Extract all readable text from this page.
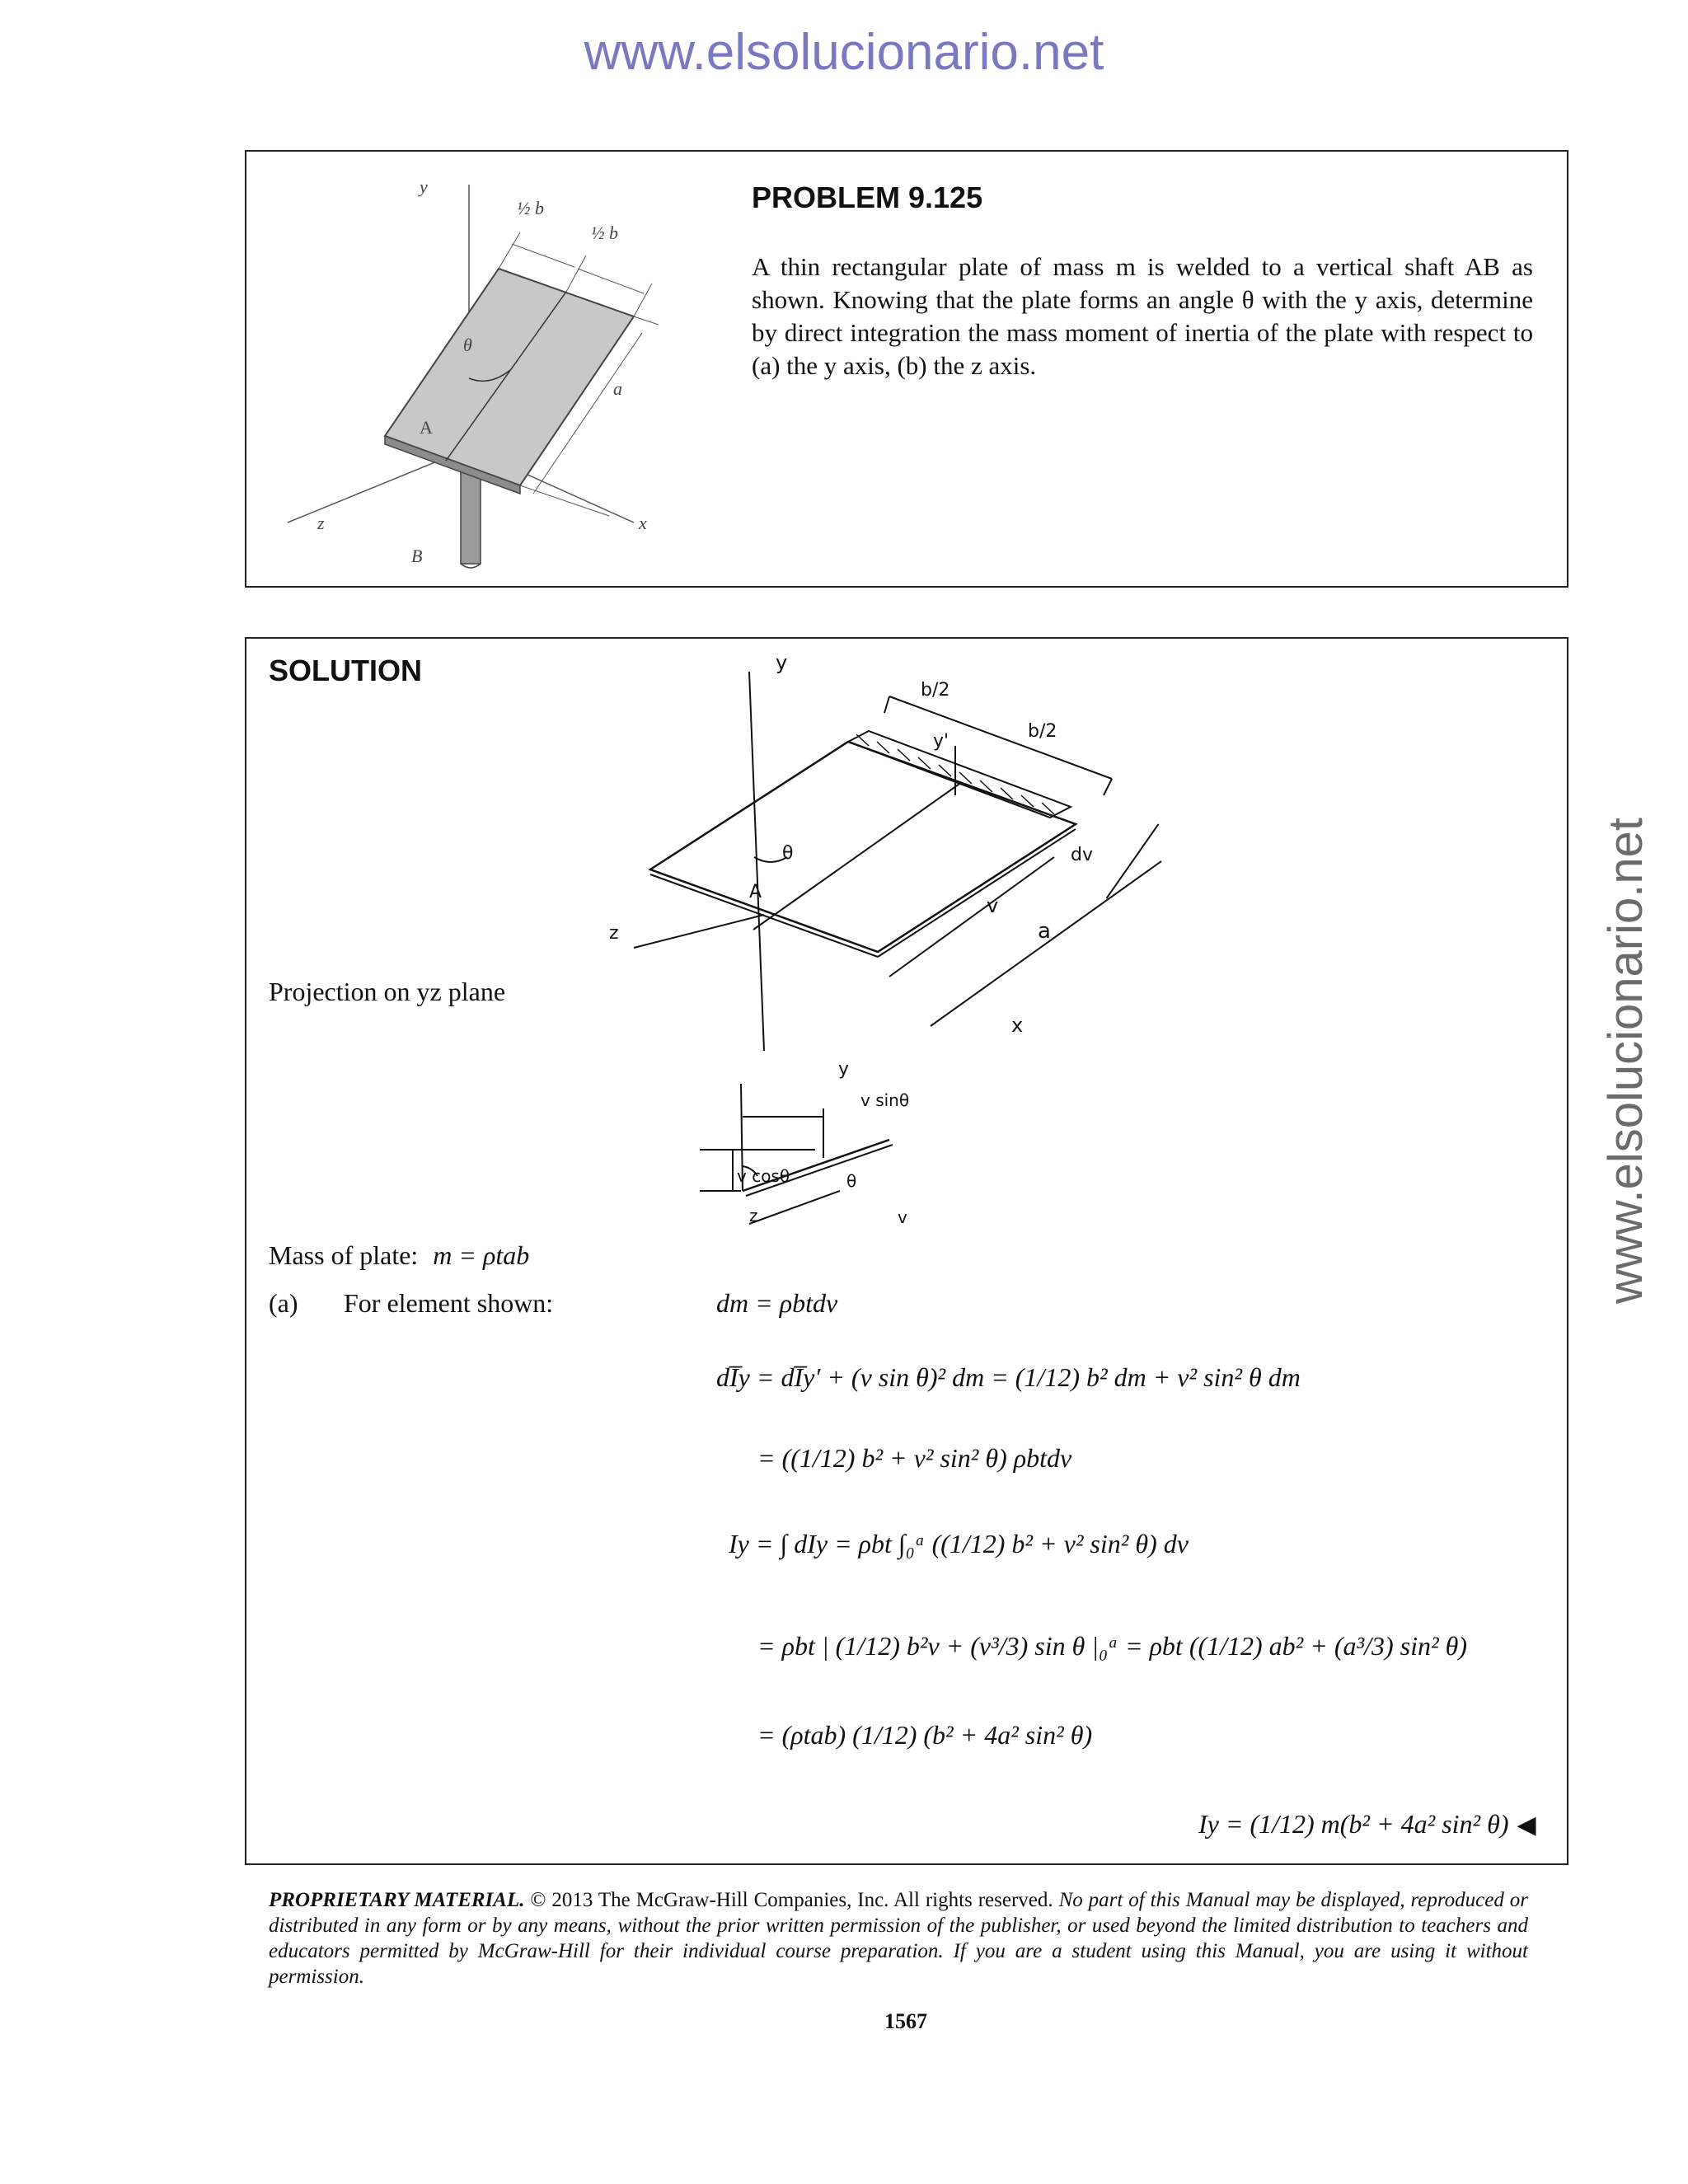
www.elsolucionario.net
www.elsolucionario.net
y
½ b
½ b
θ
a
A
z	x
B
PROBLEM 9.125
A thin rectangular plate of mass m is welded to a vertical shaft AB as shown. Knowing that the plate forms an angle θ with the y axis, determine by direct integration the mass moment of inertia of the plate with respect to (a) the y axis, (b) the z axis.
SOLUTION	y
b/2
b/2
y'
θ	dv
A
v
a
z
x
Projection on yz plane
y
v sinθ
v cosθ	θ
z	v
Mass of plate: m = ρtab
(a) For element shown:	dm = ρbtdv
dI̅y = dI̅y′ + (v sin θ)² dm = (1/12) b² dm + v² sin² θ dm
= ((1/12) b² + v² sin² θ) ρbtdv
Iy = ∫ dIy = ρbt ∫₀ᵃ ((1/12) b² + v² sin² θ) dv
= ρbt | (1/12) b²v + (v³/3) sin θ |₀ᵃ = ρbt ((1/12) ab² + (a³/3) sin² θ)
= (ρtab) (1/12) (b² + 4a² sin² θ)
Iy = (1/12) m(b² + 4a² sin² θ) ◀
PROPRIETARY MATERIAL. © 2013 The McGraw-Hill Companies, Inc. All rights reserved. No part of this Manual may be displayed, reproduced or distributed in any form or by any means, without the prior written permission of the publisher, or used beyond the limited distribution to teachers and educators permitted by McGraw-Hill for their individual course preparation. If you are a student using this Manual, you are using it without permission.
1567
